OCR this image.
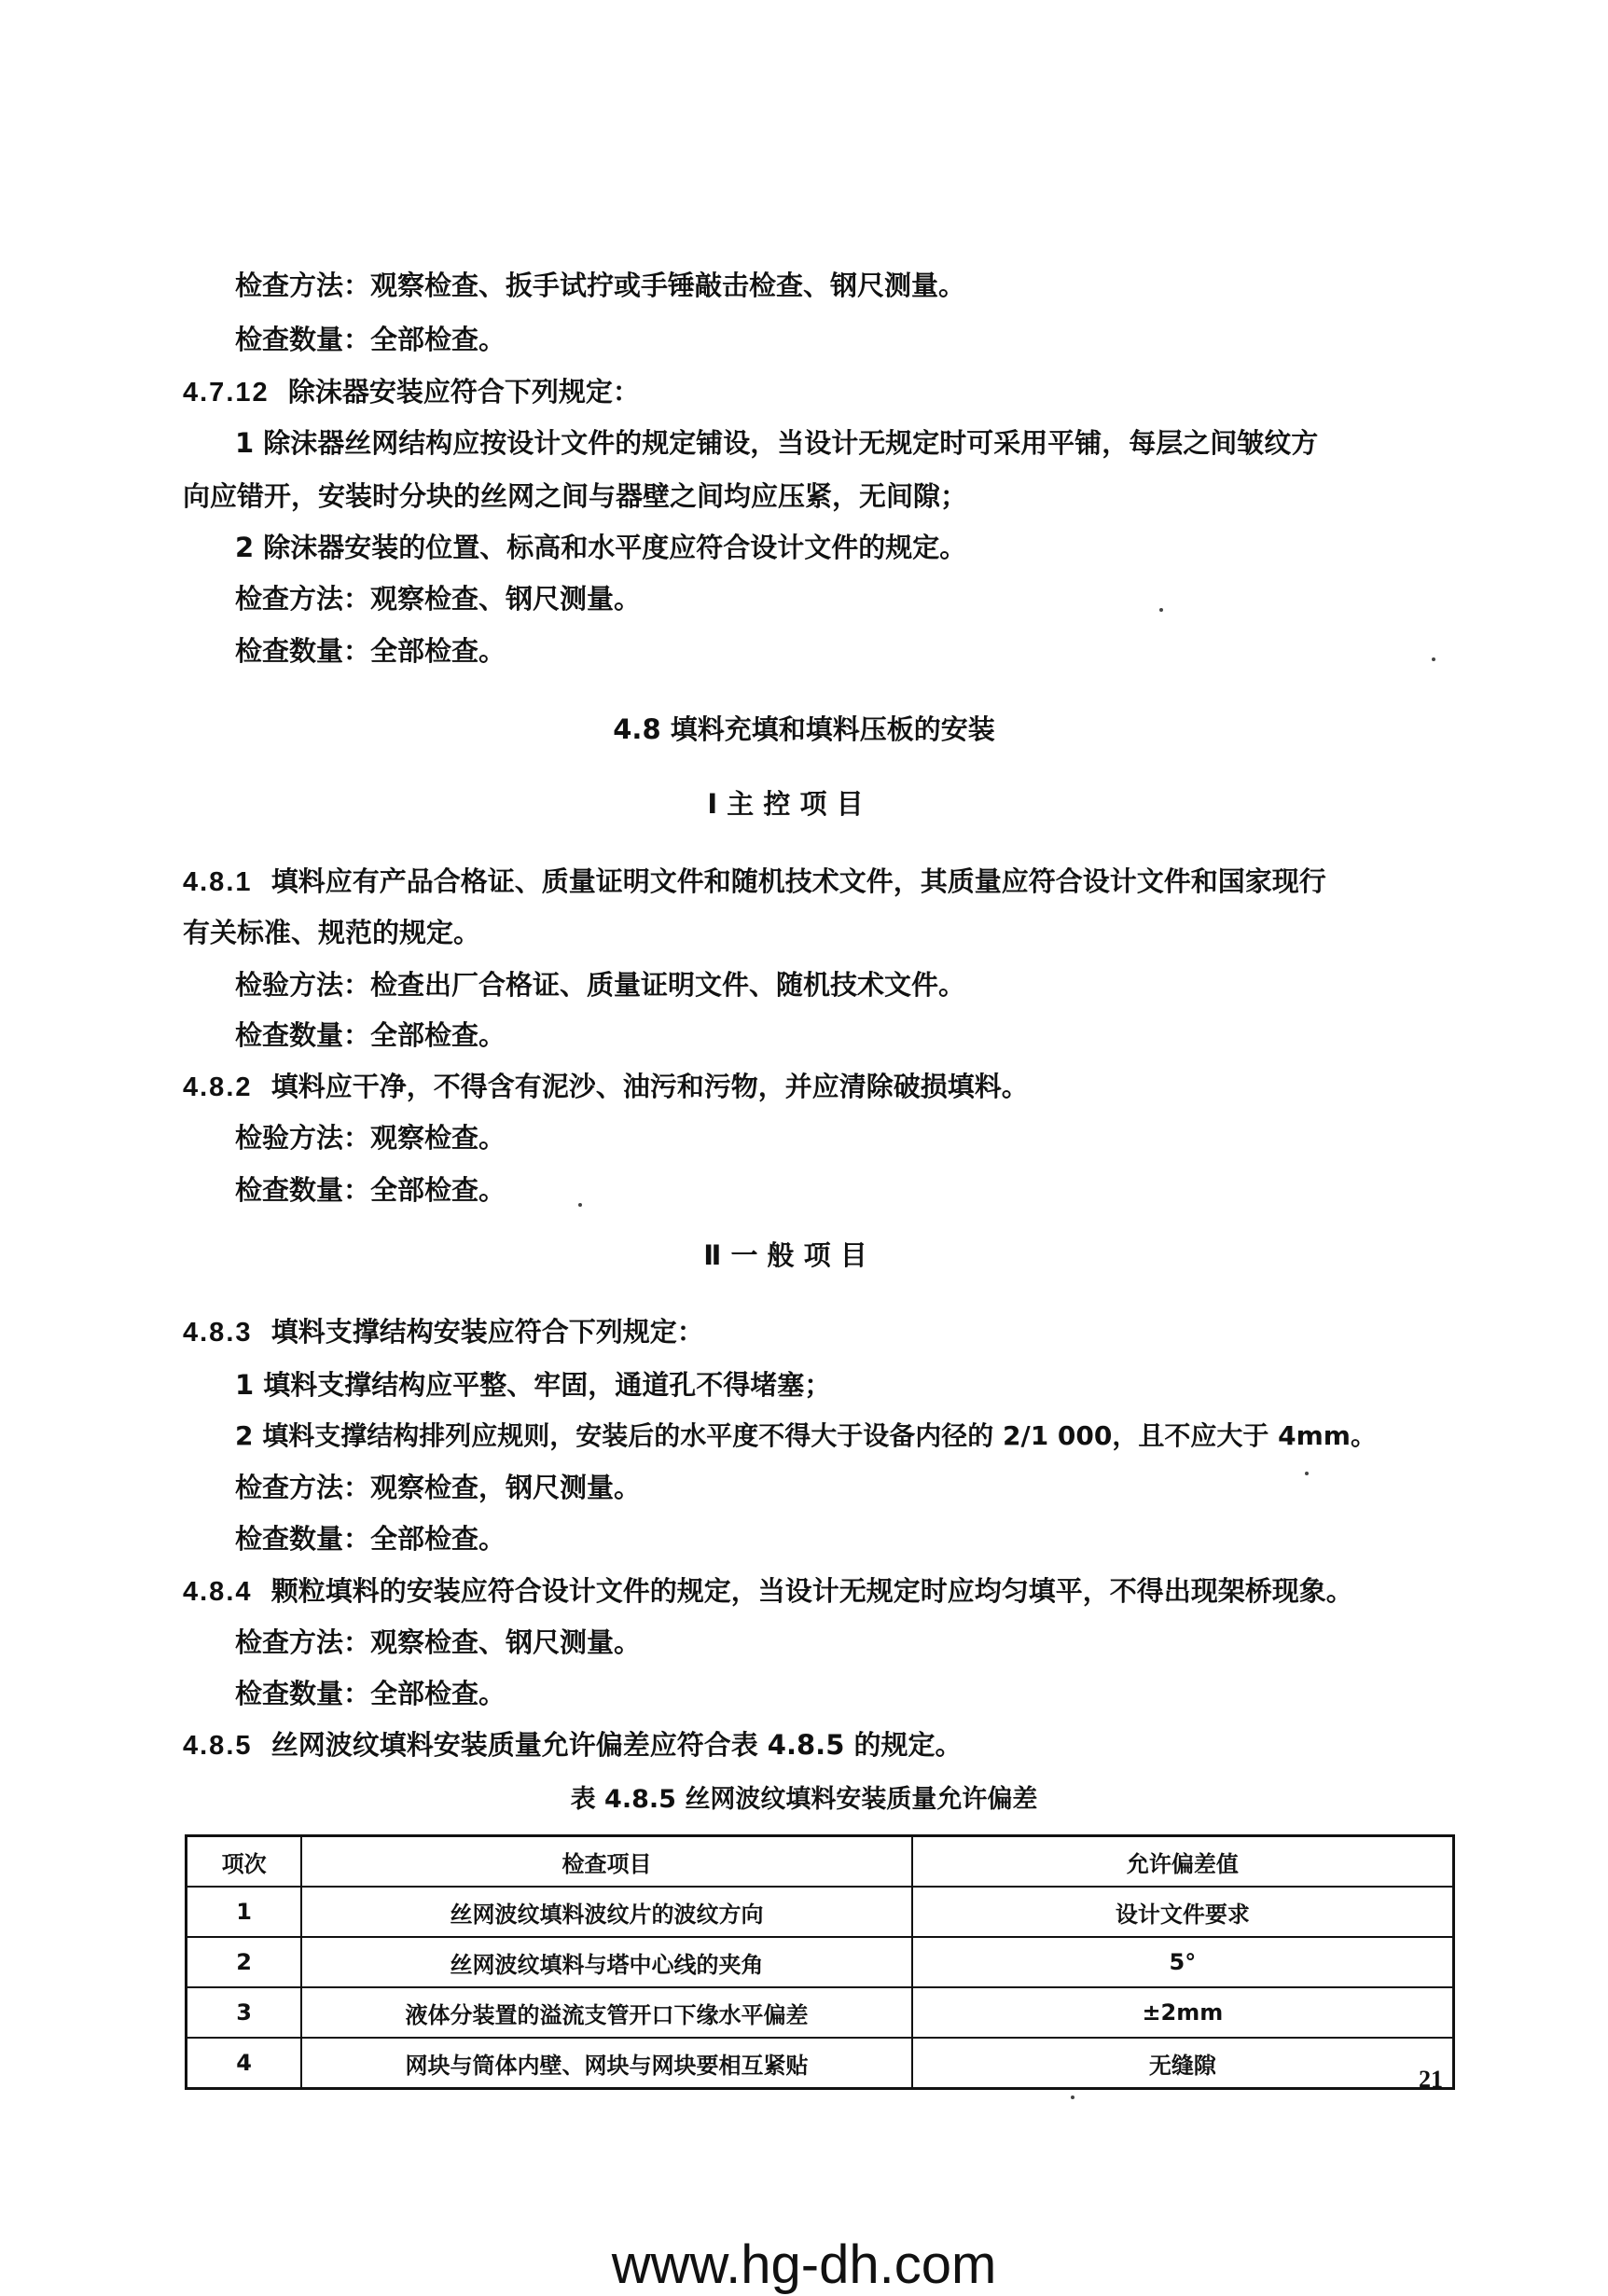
检查方法：观察检查、扳手试拧或手锤敲击检查、钢尺测量。
检查数量：全部检查。
4.7.12 除沫器安装应符合下列规定：
1 除沫器丝网结构应按设计文件的规定铺设，当设计无规定时可采用平铺，每层之间皱纹方
向应错开，安装时分块的丝网之间与器壁之间均应压紧，无间隙；
2 除沫器安装的位置、标高和水平度应符合设计文件的规定。
检查方法：观察检查、钢尺测量。
检查数量：全部检查。
4.8 填料充填和填料压板的安装
Ⅰ 主 控 项 目
4.8.1 填料应有产品合格证、质量证明文件和随机技术文件，其质量应符合设计文件和国家现行
有关标准、规范的规定。
检验方法：检查出厂合格证、质量证明文件、随机技术文件。
检查数量：全部检查。
4.8.2 填料应干净，不得含有泥沙、油污和污物，并应清除破损填料。
检验方法：观察检查。
检查数量：全部检查。
Ⅱ 一 般 项 目
4.8.3 填料支撑结构安装应符合下列规定：
1 填料支撑结构应平整、牢固，通道孔不得堵塞；
2 填料支撑结构排列应规则，安装后的水平度不得大于设备内径的 2/1 000，且不应大于 4mm。
检查方法：观察检查，钢尺测量。
检查数量：全部检查。
4.8.4 颗粒填料的安装应符合设计文件的规定，当设计无规定时应均匀填平，不得出现架桥现象。
检查方法：观察检查、钢尺测量。
检查数量：全部检查。
4.8.5 丝网波纹填料安装质量允许偏差应符合表 4.8.5 的规定。
表 4.8.5 丝网波纹填料安装质量允许偏差
项次	检查项目	允许偏差值
1	丝网波纹填料波纹片的波纹方向	设计文件要求
2	丝网波纹填料与塔中心线的夹角	5°
3	液体分装置的溢流支管开口下缘水平偏差	±2mm
4	网块与筒体内壁、网块与网块要相互紧贴	无缝隙
21
www.hg-dh.com
